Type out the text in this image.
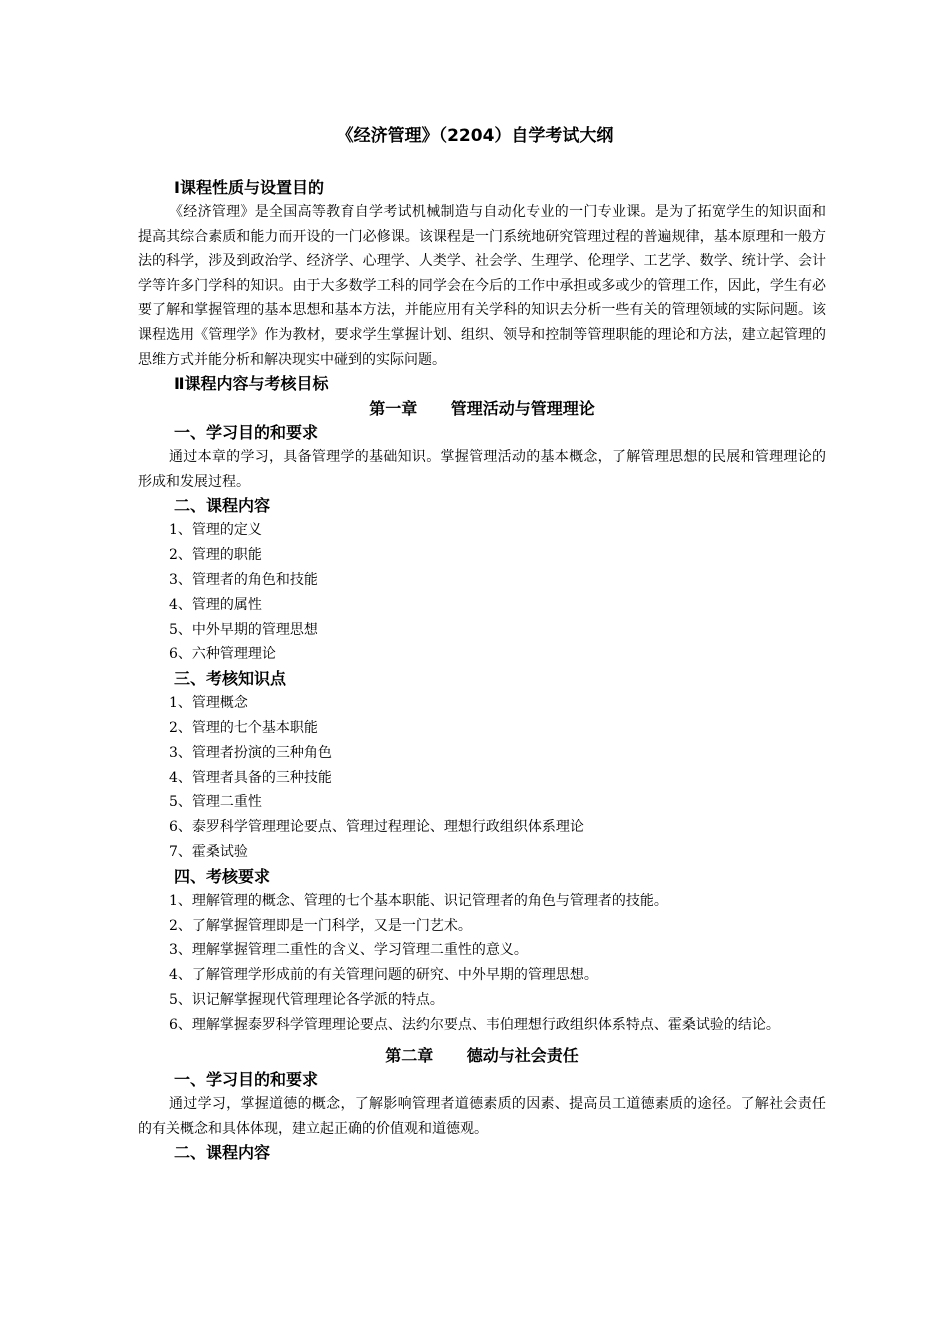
《经济管理》（2204）自学考试大纲
Ⅰ课程性质与设置目的

《经济管理》是全国高等教育自学考试机械制造与自动化专业的一门专业课。是为了拓宽学生的知识面和提高其综合素质和能力而开设的一门必修课。该课程是一门系统地研究管理过程的普遍规律，基本原理和一般方法的科学，涉及到政治学、经济学、心理学、人类学、社会学、生理学、伦理学、工艺学、数学、统计学、会计学等许多门学科的知识。由于大多数学工科的同学会在今后的工作中承担或多或少的管理工作，因此，学生有必要了解和掌握管理的基本思想和基本方法，并能应用有关学科的知识去分析一些有关的管理领域的实际问题。该课程选用《管理学》作为教材，要求学生掌握计划、组织、领导和控制等管理职能的理论和方法，建立起管理的思维方式并能分析和解决现实中碰到的实际问题。

Ⅱ课程内容与考核目标
第一章      管理活动与管理理论
一、学习目的和要求

通过本章的学习，具备管理学的基础知识。掌握管理活动的基本概念，了解管理思想的民展和管理理论的形成和发展过程。

二、课程内容

1、管理的定义

2、管理的职能

3、管理者的角色和技能

4、管理的属性

5、中外早期的管理思想

6、六种管理理论

三、考核知识点

1、管理概念

2、管理的七个基本职能

3、管理者扮演的三种角色

4、管理者具备的三种技能

5、管理二重性

6、泰罗科学管理理论要点、管理过程理论、理想行政组织体系理论

7、霍桑试验

四、考核要求

1、理解管理的概念、管理的七个基本职能、识记管理者的角色与管理者的技能。

2、了解掌握管理即是一门科学，又是一门艺术。

3、理解掌握管理二重性的含义、学习管理二重性的意义。

4、了解管理学形成前的有关管理问题的研究、中外早期的管理思想。

5、识记解掌握现代管理理论各学派的特点。

6、理解掌握泰罗科学管理理论要点、法约尔要点、韦伯理想行政组织体系特点、霍桑试验的结论。

第二章      德动与社会责任
一、学习目的和要求

通过学习，掌握道德的概念，了解影响管理者道德素质的因素、提高员工道德素质的途径。了解社会责任的有关概念和具体体现，建立起正确的价值观和道德观。

二、课程内容
